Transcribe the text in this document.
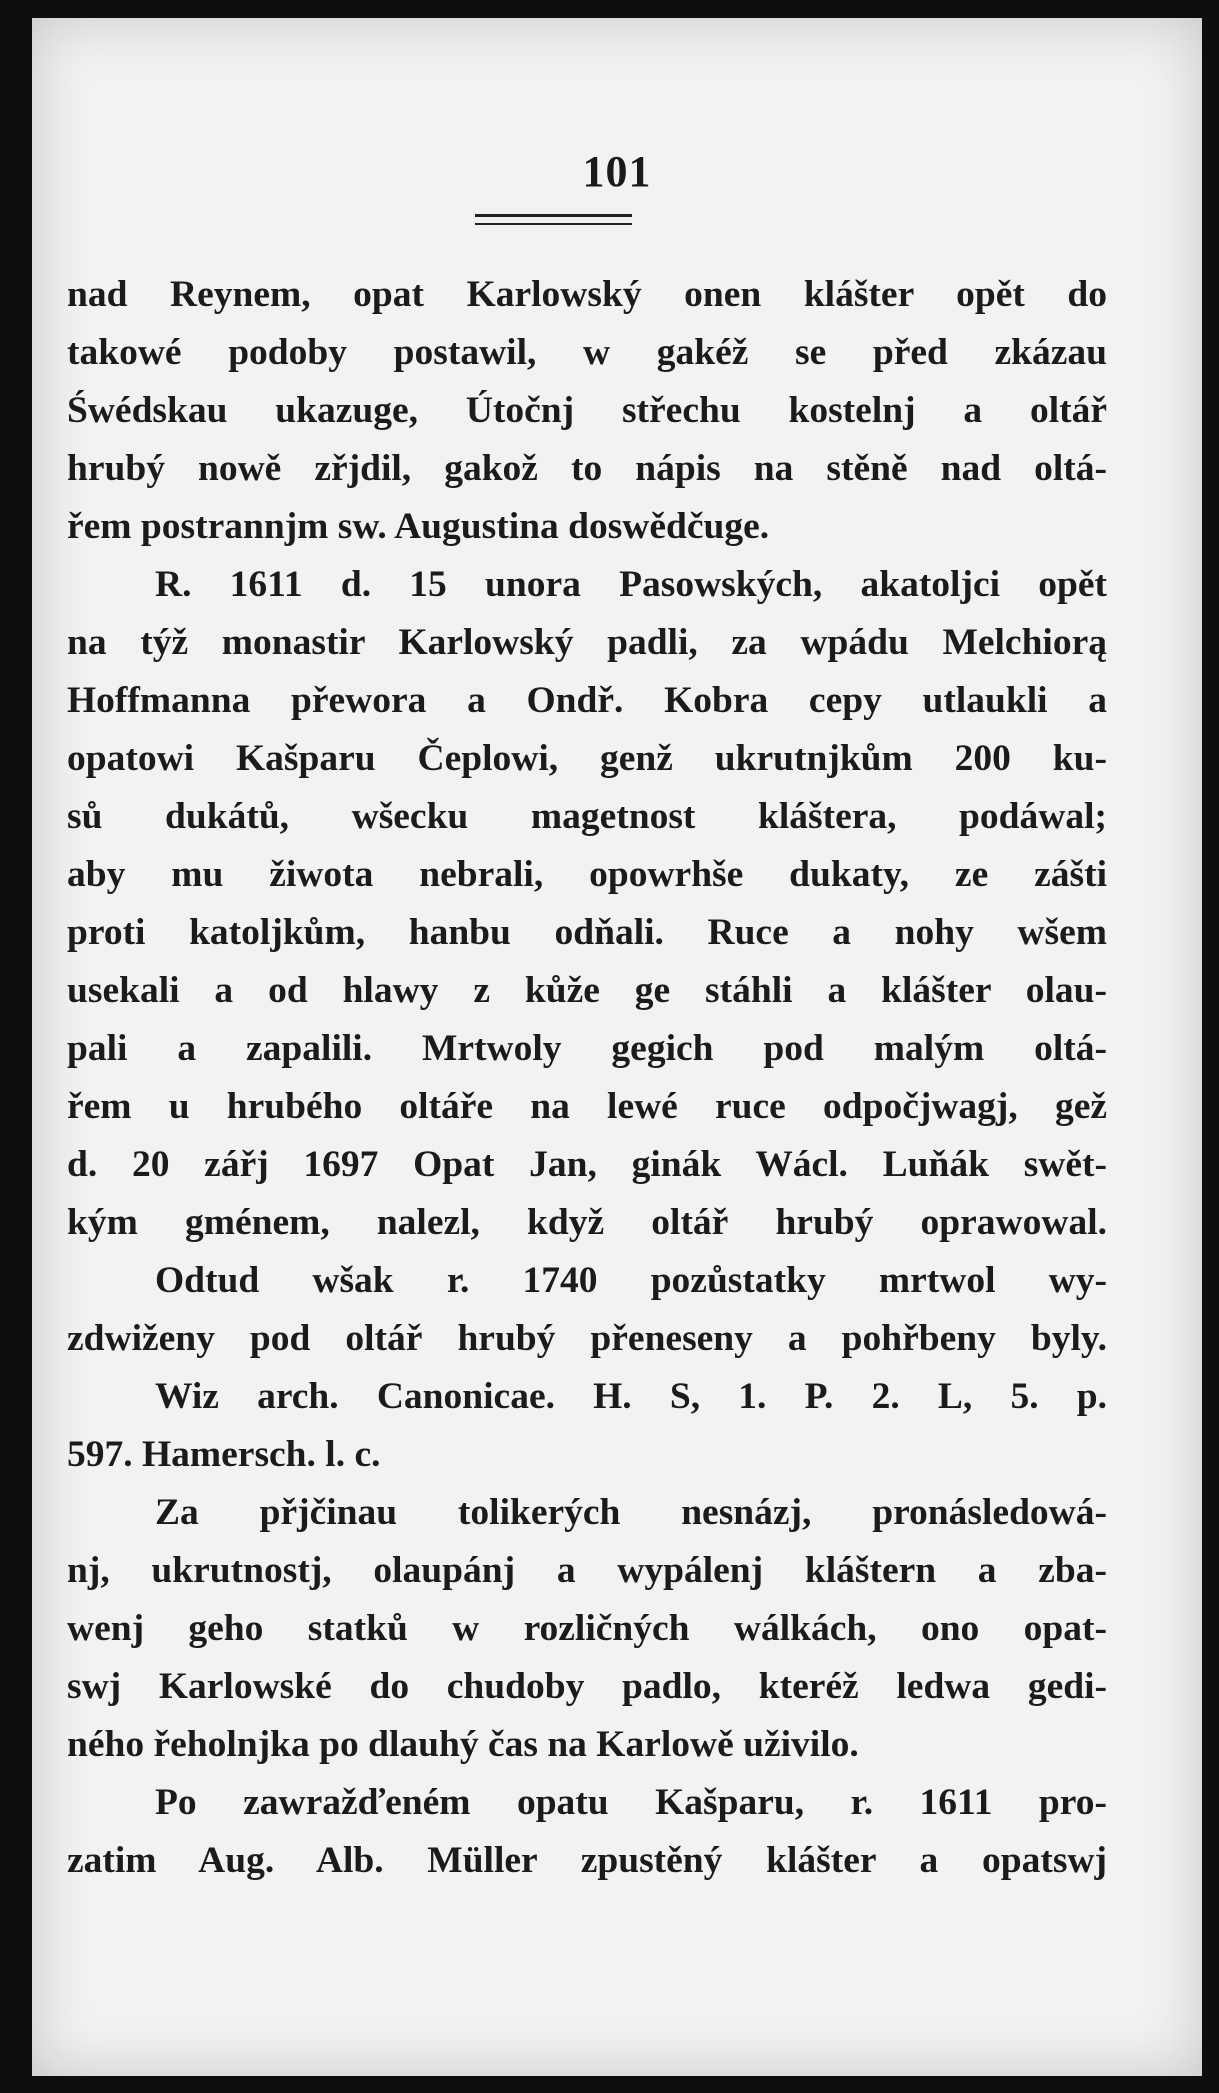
101
nad Reynem, opat Karlowský onen klášter opět do
takowé podoby postawil, w gakéž se před zkázau
Śwédskau ukazuge, Útočnj střechu kostelnj a oltář
hrubý nowě zřjdil, gakož to nápis na stěně nad oltá-
řem postrannjm sw. Augustina doswědčuge.
R. 1611 d. 15 unora Pasowských, akatoljci opět
na týž monastir Karlowský padli, za wpádu Melchiorą
Hoffmanna přewora a Ondř. Kobra cepy utlaukli a
opatowi Kašparu Čeplowi, genž ukrutnjkům 200 ku-
sů dukátů, wšecku magetnost kláštera, podáwal;
aby mu žiwota nebrali, opowrhše dukaty, ze zášti
proti katoljkům, hanbu odňali. Ruce a nohy wšem
usekali a od hlawy z kůže ge stáhli a klášter olau-
pali a zapalili. Mrtwoly gegich pod malým oltá-
řem u hrubého oltáře na lewé ruce odpočjwagj, gež
d. 20 zářj 1697 Opat Jan, ginák Wácl. Luňák swět-
kým gménem, nalezl, když oltář hrubý oprawowal.
Odtud wšak r. 1740 pozůstatky mrtwol wy-
zdwiženy pod oltář hrubý přeneseny a pohřbeny byly.
Wiz arch. Canonicae. H. S, 1. P. 2. L, 5. p.
597. Hamersch. l. c.
Za přjčinau tolikerých nesnázj, pronásledowá-
nj, ukrutnostj, olaupánj a wypálenj kláštern a zba-
wenj geho statků w rozličných wálkách, ono opat-
swj Karlowské do chudoby padlo, kteréž ledwa gedi-
ného řeholnjka po dlauhý čas na Karlowě uživilo.
Po zawražďeném opatu Kašparu, r. 1611 pro-
zatim Aug. Alb. Müller zpustěný klášter a opatswj
